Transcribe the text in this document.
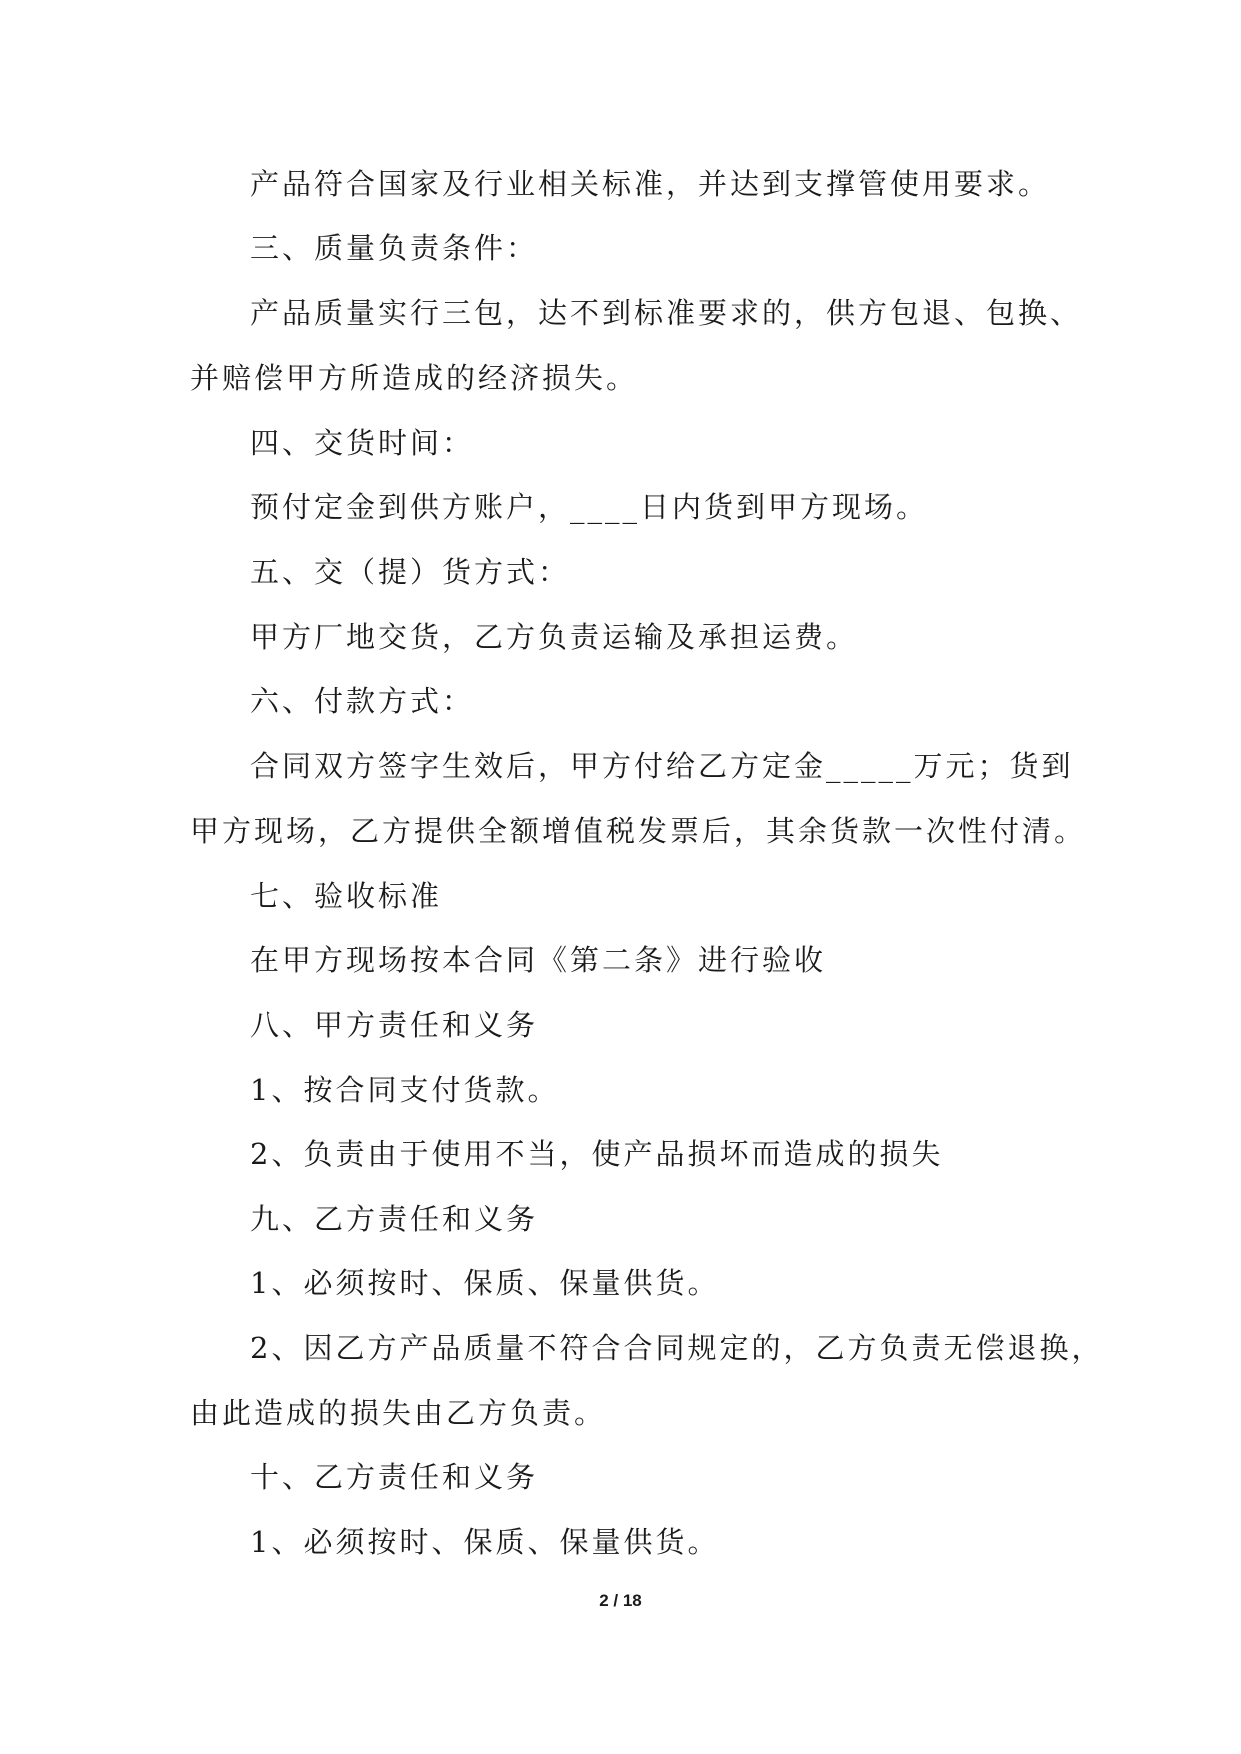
产品符合国家及行业相关标准，并达到支撑管使用要求。
三、质量负责条件：
产品质量实行三包，达不到标准要求的，供方包退、包换、
并赔偿甲方所造成的经济损失。
四、交货时间：
预付定金到供方账户，____日内货到甲方现场。
五、交（提）货方式：
甲方厂地交货，乙方负责运输及承担运费。
六、付款方式：
合同双方签字生效后，甲方付给乙方定金_____万元；货到
甲方现场，乙方提供全额增值税发票后，其余货款一次性付清。
七、验收标准
在甲方现场按本合同《第二条》进行验收
八、甲方责任和义务
1、按合同支付货款。
2、负责由于使用不当，使产品损坏而造成的损失
九、乙方责任和义务
1、必须按时、保质、保量供货。
2、因乙方产品质量不符合合同规定的，乙方负责无偿退换，
由此造成的损失由乙方负责。
十、乙方责任和义务
1、必须按时、保质、保量供货。
2 / 18
